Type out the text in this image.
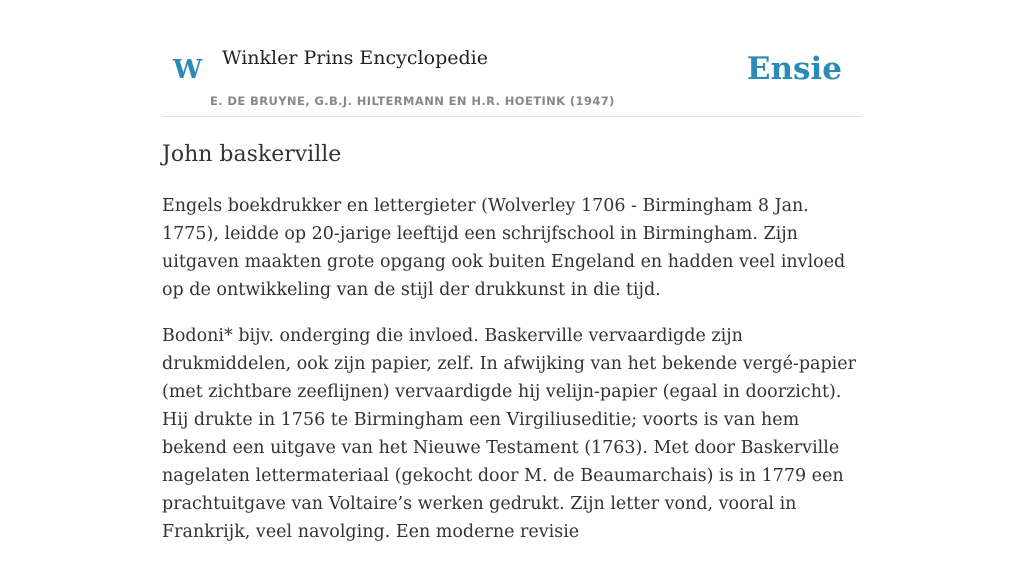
W Winkler Prins Encyclopedie
E. DE BRUYNE, G.B.J. HILTERMANN EN H.R. HOETINK (1947)
Ensie
John baskerville

Engels boekdrukker en lettergieter (Wolverley 1706 - Birmingham 8 Jan. 1775), leidde op 20-jarige leeftijd een schrijfschool in Birmingham. Zijn uitgaven maakten grote opgang ook buiten Engeland en hadden veel invloed op de ontwikkeling van de stijl der drukkunst in die tijd.

Bodoni* bijv. onderging die invloed. Baskerville vervaardigde zijn drukmiddelen, ook zijn papier, zelf. In afwijking van het bekende vergé-papier (met zichtbare zeeflijnen) vervaardigde hij velijn-papier (egaal in doorzicht). Hij drukte in 1756 te Birmingham een Virgiliuseditie; voorts is van hem bekend een uitgave van het Nieuwe Testament (1763). Met door Baskerville nagelaten lettermateriaal (gekocht door M. de Beaumarchais) is in 1779 een prachtuitgave van Voltaire’s werken gedrukt. Zijn letter vond, vooral in Frankrijk, veel navolging. Een moderne revisie
